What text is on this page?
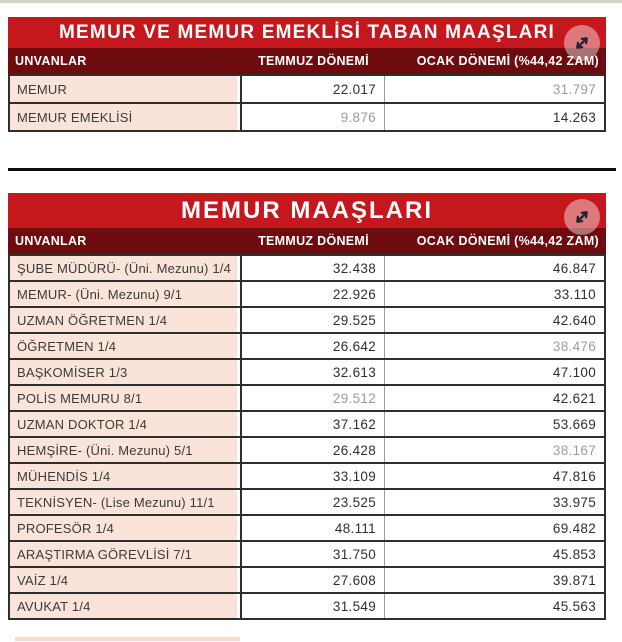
MEMUR VE MEMUR EMEKLİSİ TABAN MAAŞLARI
UNVANLAR	TEMMUZ DÖNEMİ	OCAK DÖNEMİ (%44,42 ZAM)
MEMUR	22.017	31.797
MEMUR EMEKLİSİ	9.876	14.263
MEMUR MAAŞLARI
UNVANLAR	TEMMUZ DÖNEMİ	OCAK DÖNEMİ (%44,42 ZAM)
ŞUBE MÜDÜRÜ- (Üni. Mezunu) 1/4	32.438	46.847
MEMUR- (Üni. Mezunu) 9/1	22.926	33.110
UZMAN ÖĞRETMEN 1/4	29.525	42.640
ÖĞRETMEN 1/4	26.642	38.476
BAŞKOMİSER 1/3	32.613	47.100
POLİS MEMURU 8/1	29.512	42.621
UZMAN DOKTOR 1/4	37.162	53.669
HEMŞİRE- (Üni. Mezunu) 5/1	26.428	38.167
MÜHENDİS 1/4	33.109	47.816
TEKNİSYEN- (Lise Mezunu) 11/1	23.525	33.975
PROFESÖR 1/4	48.111	69.482
ARAŞTIRMA GÖREVLİSİ 7/1	31.750	45.853
VAİZ 1/4	27.608	39.871
AVUKAT 1/4	31.549	45.563
